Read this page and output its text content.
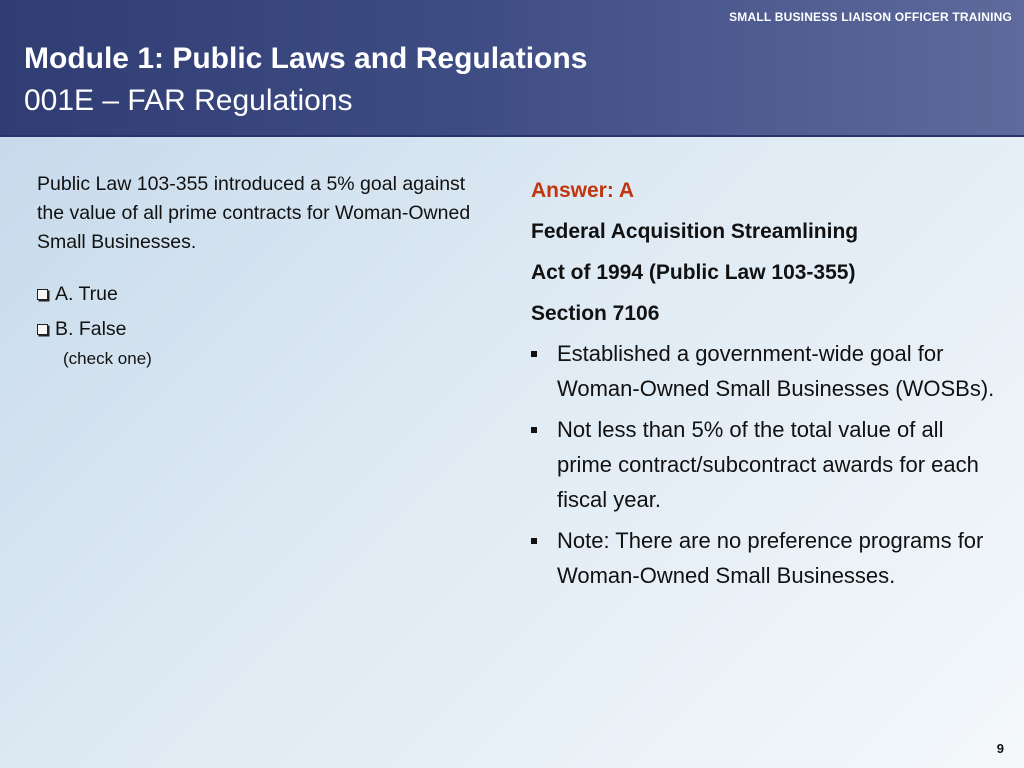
SMALL BUSINESS LIAISON OFFICER TRAINING
Module 1: Public Laws and Regulations
001E – FAR Regulations

Public Law 103-355 introduced a 5% goal against the value of all prime contracts for Woman-Owned Small Businesses.

A. True
B. False
(check one)
Answer: A
Federal Acquisition Streamlining
Act of 1994 (Public Law 103-355)
Section 7106
Established a government-wide goal for Woman-Owned Small Businesses (WOSBs).
Not less than 5% of the total value of all prime contract/subcontract awards for each fiscal year.
Note: There are no preference programs for Woman-Owned Small Businesses.
9
